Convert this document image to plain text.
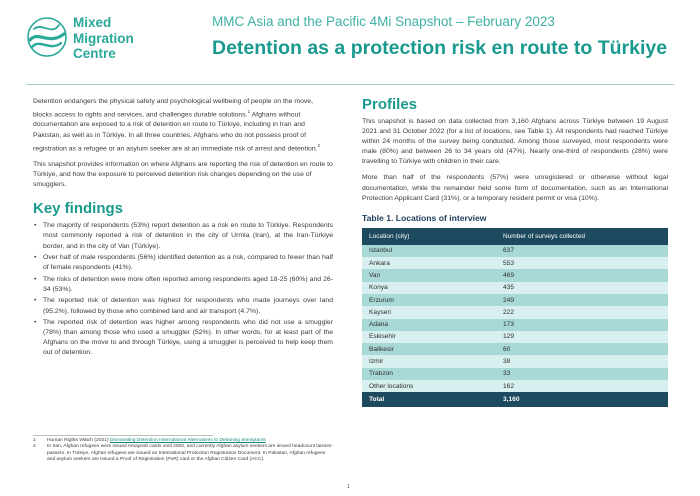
Mixed
Migration
Centre
MMC Asia and the Pacific 4Mi Snapshot – February 2023
Detention as a protection risk en route to Türkiye

Detention endangers the physical safety and psychological wellbeing of people on the move, blocks access to rights and services, and challenges durable solutions.$^1$ Afghans without documentation are exposed to a risk of detention en route to Türkiye, including in Iran and Pakistan, as well as in Türkiye. In all three countries, Afghans who do not possess proof of registration as a refugee or an asylum seeker are at an immediate risk of arrest and detention.$^2$

This snapshot provides information on where Afghans are reporting the risk of detention en route to Türkiye, and how the exposure to perceived detention risk changes depending on the use of smugglers.

Key findings
• The majority of respondents (53%) report detention as a risk en route to Türkiye. Respondents most commonly reported a risk of detention in the city of Urmia (Iran), at the Iran-Türkiye border, and in the city of Van (Türkiye).
• Over half of male respondents (56%) identified detention as a risk, compared to fewer than half of female respondents (41%).
• The risks of detention were more often reported among respondents aged 18-25 (60%) and 26-34 (53%).
• The reported risk of detention was highest for respondents who made journeys over land (95.2%), followed by those who combined land and air transport (4.7%).
• The reported risk of detention was higher among respondents who did not use a smuggler (78%) than among those who used a smuggler (52%). In other words, for at least part of the Afghans on the move to and through Türkiye, using a smuggler is perceived to help keep them out of detention.
1 Human Rights Watch (2021) Dismantling Detention International Alternatives to Detaining Immigrants
2 In Iran, Afghan refugees were issued Amayesh cards until 2002, and currently Afghan asylum seekers are issued headcount laissez-passers. In Türkiye, Afghan refugees are issued an International Protection Registration Document. In Pakistan, Afghan refugees and asylum seekers are issued a Proof of Registration (PoR) card or the Afghan Citizen Card (ACC).
Profiles

This snapshot is based on data collected from 3,160 Afghans across Türkiye between 19 August 2021 and 31 October 2022 (for a list of locations, see Table 1). All respondents had reached Türkiye within 24 months of the survey being conducted. Among those surveyed, most respondents were male (80%) and between 26 to 34 years old (47%). Nearly one-third of respondents (28%) were travelling to Türkiye with children in their care.

More than half of the respondents (57%) were unregistered or otherwise without legal documentation, while the remainder held some form of documentation, such as an International Protection Applicant Card (31%), or a temporary resident permit or visa (10%).

Table 1. Locations of interview
Location (city)	Number of surveys collected
Istanbul	637
Ankara	553
Van	469
Konya	435
Erzurum	249
Kayseri	222
Adana	173
Eskisehir	129
Balikesir	60
Izmir	38
Trabzon	33
Other locations	162
Total	3,160
1
